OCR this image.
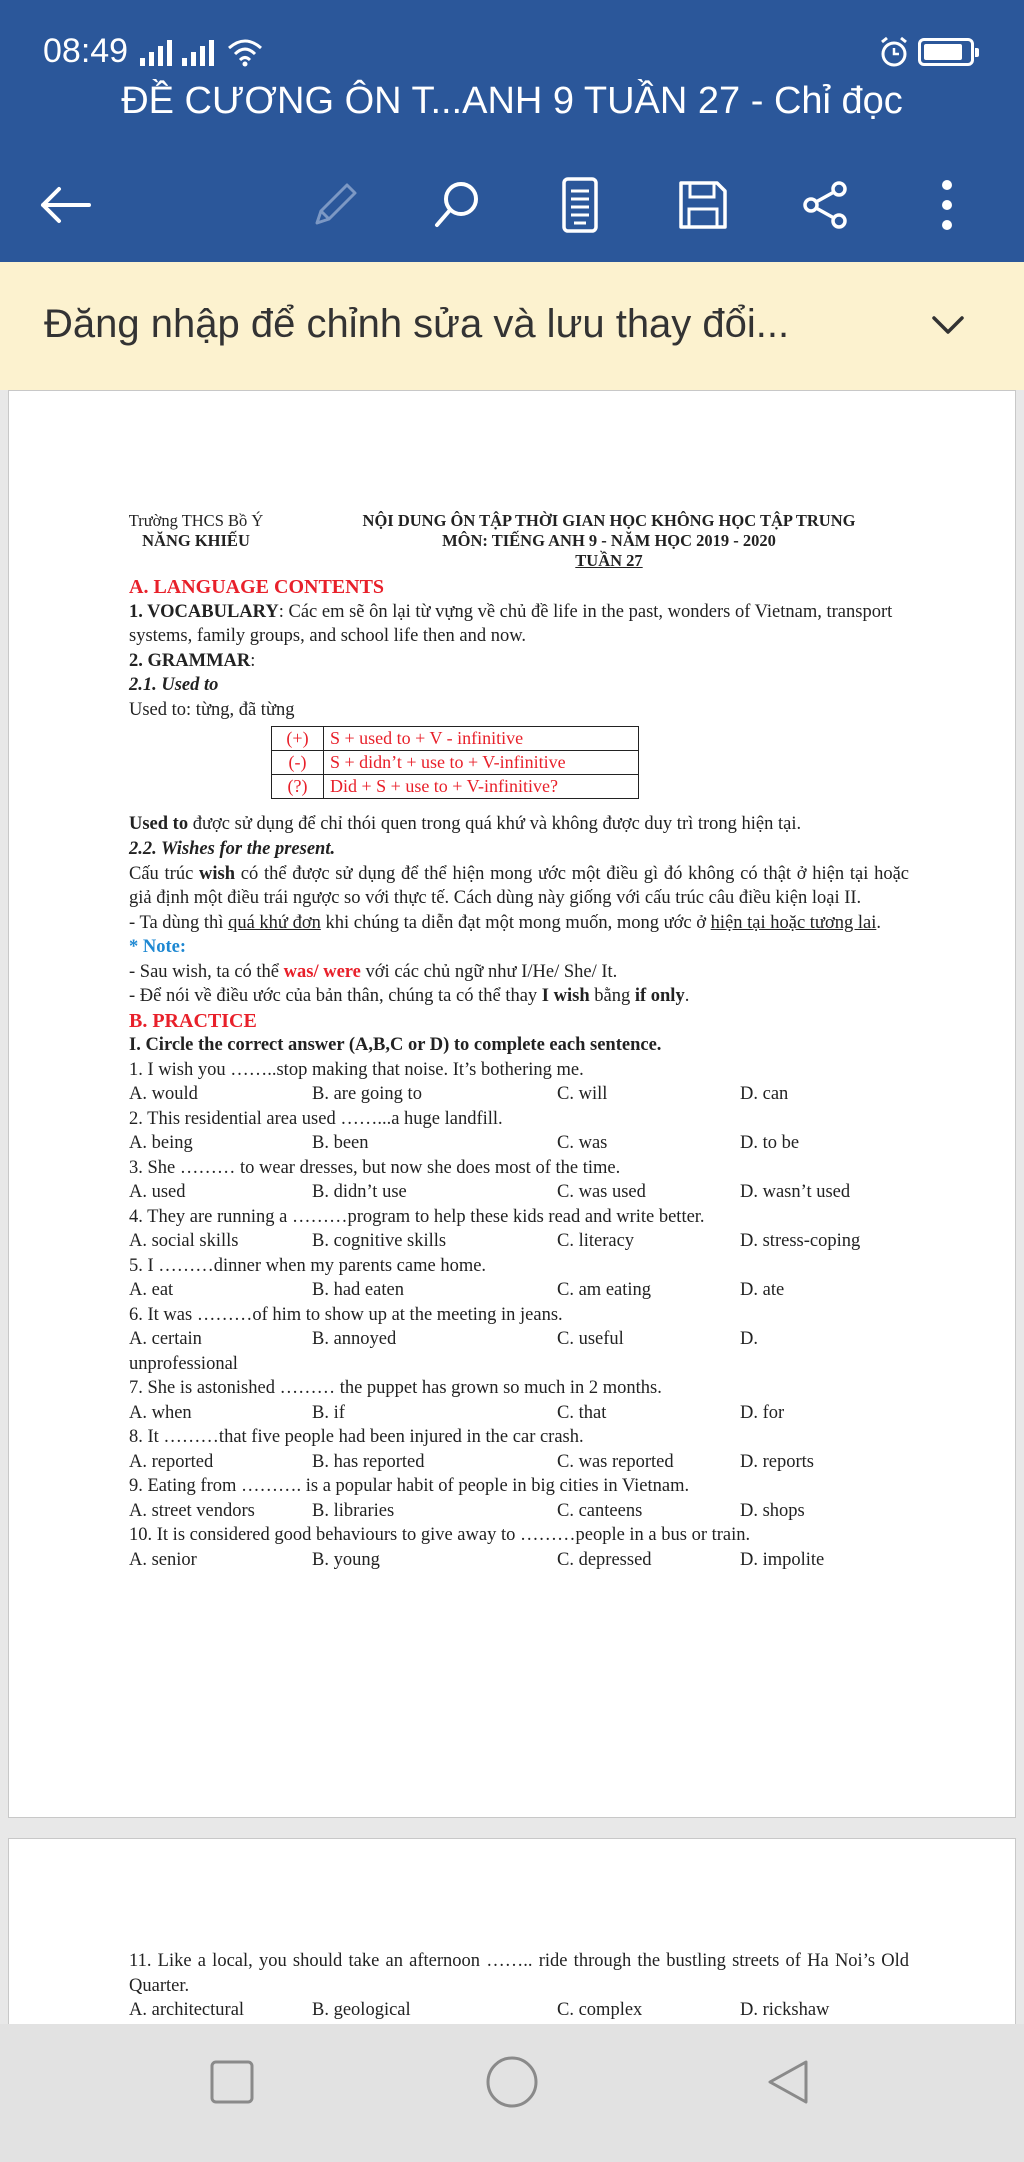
08:49
ĐỀ CƯƠNG ÔN T...ANH 9 TUẦN 27 - Chỉ đọc
Đăng nhập để chỉnh sửa và lưu thay đổi...
Trường THCS Bồ Ý
NĂNG KHIẾU
NỘI DUNG ÔN TẬP THỜI GIAN HỌC KHÔNG HỌC TẬP TRUNG
MÔN: TIẾNG ANH 9 - NĂM HỌC 2019 - 2020
TUẦN 27
A. LANGUAGE CONTENTS
1. VOCABULARY: Các em sẽ ôn lại từ vựng về chủ đề life in the past, wonders of Vietnam, transport systems, family groups, and school life then and now.
2. GRAMMAR:
2.1. Used to
Used to: từng, đã từng
(+)	S + used to + V - infinitive
(-)	S + didn’t + use to + V-infinitive
(?)	Did + S + use to + V-infinitive?
Used to được sử dụng để chỉ thói quen trong quá khứ và không được duy trì trong hiện tại.
2.2. Wishes for the present.
Cấu trúc wish có thể được sử dụng để thể hiện mong ước một điều gì đó không có thật ở hiện tại hoặc giả định một điều trái ngược so với thực tế. Cách dùng này giống với cấu trúc câu điều kiện loại II.
- Ta dùng thì quá khứ đơn khi chúng ta diễn đạt một mong muốn, mong ước ở hiện tại hoặc tương lai.
* Note:
- Sau wish, ta có thể was/ were với các chủ ngữ như I/He/ She/ It.
- Để nói về điều ước của bản thân, chúng ta có thể thay I wish bằng if only.
B. PRACTICE
I. Circle the correct answer (A,B,C or D) to complete each sentence.
1. I wish you ……..stop making that noise. It’s bothering me.
A. would	B. are going to	C. will	D. can
2. This residential area used ……...a huge landfill.
A. being	B. been	C. was	D. to be
3. She ……… to wear dresses, but now she does most of the time.
A. used	B. didn’t use	C. was used	D. wasn’t used
4. They are running a ………program to help these kids read and write better.
A. social skills	B. cognitive skills	C. literacy	D. stress-coping
5. I ………dinner when my parents came home.
A. eat	B. had eaten	C. am eating	D. ate
6. It was ………of him to show up at the meeting in jeans.
A. certain	B. annoyed	C. useful	D.
unprofessional
7. She is astonished ……… the puppet has grown so much in 2 months.
A. when	B. if	C. that	D. for
8. It ………that five people had been injured in the car crash.
A. reported	B. has reported	C. was reported	D. reports
9. Eating from ………. is a popular habit of people in big cities in Vietnam.
A. street vendors	B. libraries	C. canteens	D. shops
10. It is considered good behaviours to give away to ………people in a bus or train.
A. senior	B. young	C. depressed	D. impolite
11. Like a local, you should take an afternoon …….. ride through the bustling streets of Ha Noi’s Old Quarter.
A. architectural	B. geological	C. complex	D. rickshaw
